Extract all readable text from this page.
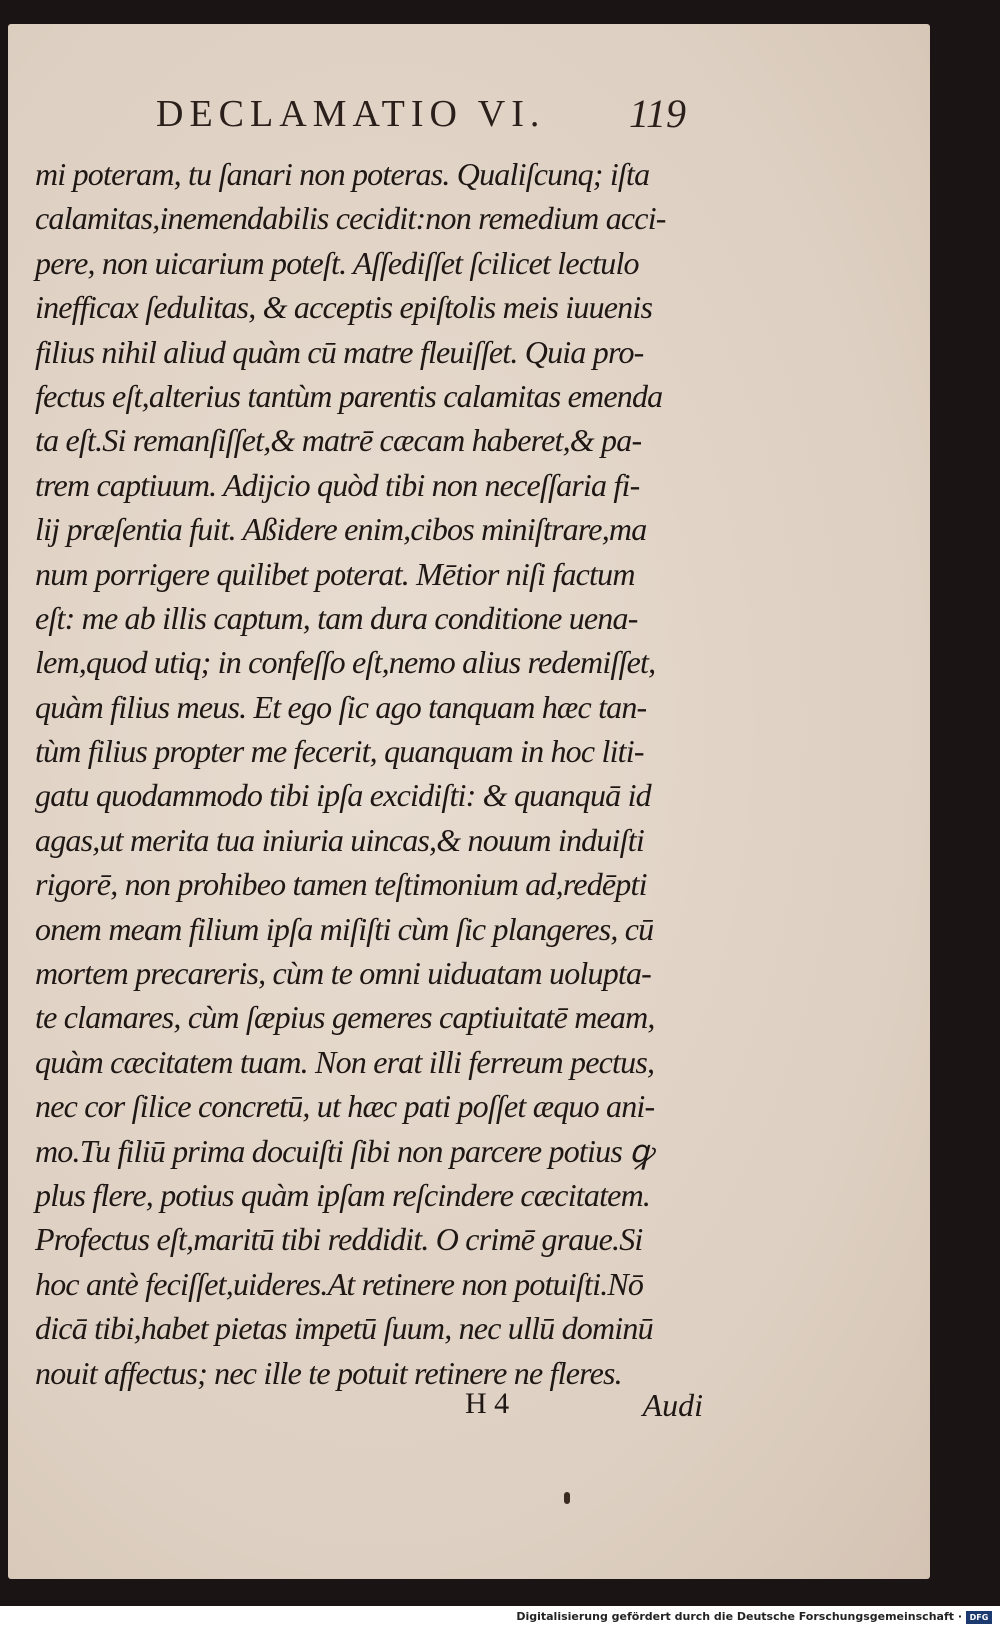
DECLAMATIO VI. 119
mi poteram, tu ſanari non poteras. Qualiſcunq; iſta
calamitas,inemendabilis cecidit:non remedium acci-
pere, non uicarium poteſt. Aſſediſſet ſcilicet lectulo
inefficax ſedulitas, & acceptis epiſtolis meis iuuenis
filius nihil aliud quàm cū matre fleuiſſet. Quia pro-
fectus eſt,alterius tantùm parentis calamitas emenda
ta eſt.Si remanſiſſet,& matrē cæcam haberet,& pa-
trem captiuum. Adijcio quòd tibi non neceſſaria fi-
lij præſentia fuit. Aßidere enim,cibos miniſtrare,ma
num porrigere quilibet poterat. Mētior niſi factum
eſt: me ab illis captum, tam dura conditione uena-
lem,quod utiq; in confeſſo eſt,nemo alius redemiſſet,
quàm filius meus. Et ego ſic ago tanquam hæc tan-
tùm filius propter me fecerit, quanquam in hoc liti-
gatu quodammodo tibi ipſa excidiſti: & quanquā id
agas,ut merita tua iniuria uincas,& nouum induiſti
rigorē, non prohibeo tamen teſtimonium ad,redēpti
onem meam filium ipſa miſiſti cùm ſic plangeres, cū
mortem precareris, cùm te omni uiduatam uolupta-
te clamares, cùm ſæpius gemeres captiuitatē meam,
quàm cæcitatem tuam. Non erat illi ferreum pectus,
nec cor ſilice concretū, ut hæc pati poſſet æquo ani-
mo.Tu filiū prima docuiſti ſibi non parcere potius ꝙ
plus flere, potius quàm ipſam reſcindere cæcitatem.
Profectus eſt,maritū tibi reddidit. O crimē graue.Si
hoc antè feciſſet,uideres.At retinere non potuiſti.Nō
dicā tibi,habet pietas impetū ſuum, nec ullū dominū
nouit affectus; nec ille te potuit retinere ne fleres.
H 4	Audi
Digitalisierung gefördert durch die Deutsche Forschungsgemeinschaft · DFG
